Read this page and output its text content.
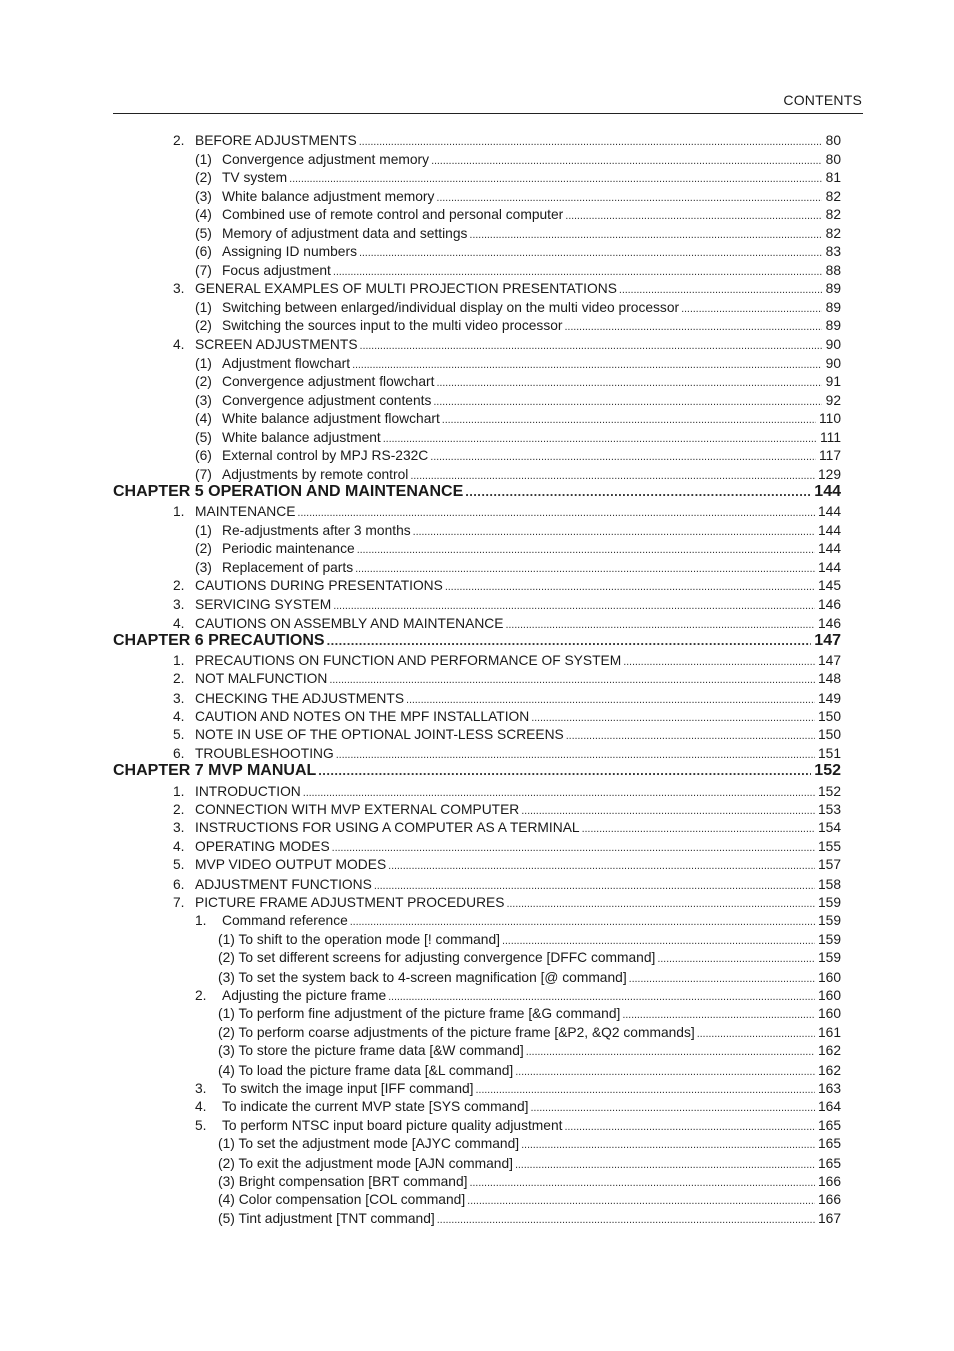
CONTENTS
2. BEFORE ADJUSTMENTS . . .	80
(1) Convergence adjustment memory . . .	80
(2) TV system . . .	81
(3) White balance adjustment memory . . .	82
(4) Combined use of remote control and personal computer . . .	82
(5) Memory of adjustment data and settings . . .	82
(6) Assigning ID numbers . . .	83
(7) Focus adjustment . . .	88
3. GENERAL EXAMPLES OF MULTI PROJECTION PRESENTATIONS . . .	89
(1) Switching between enlarged/individual display on the multi video processor . . .	89
(2) Switching the sources input to the multi video processor . . .	89
4. SCREEN ADJUSTMENTS . . .	90
(1) Adjustment flowchart . . .	90
(2) Convergence adjustment flowchart . . .	91
(3) Convergence adjustment contents . . .	92
(4) White balance adjustment flowchart . . .	110
(5) White balance adjustment . . .	111
(6) External control by MPJ RS-232C . . .	117
(7) Adjustments by remote control . . .	129
CHAPTER 5 OPERATION AND MAINTENANCE . . .	144
1. MAINTENANCE . . .	144
(1) Re-adjustments after 3 months . . .	144
(2) Periodic maintenance . . .	144
(3) Replacement of parts . . .	144
2. CAUTIONS DURING PRESENTATIONS . . .	145
3. SERVICING SYSTEM . . .	146
4. CAUTIONS ON ASSEMBLY AND MAINTENANCE . . .	146
CHAPTER 6 PRECAUTIONS . . .	147
1. PRECAUTIONS ON FUNCTION AND PERFORMANCE OF SYSTEM . . .	147
2. NOT MALFUNCTION . . .	148
3. CHECKING THE ADJUSTMENTS . . .	149
4. CAUTION AND NOTES ON THE MPF INSTALLATION . . .	150
5. NOTE IN USE OF THE OPTIONAL JOINT-LESS SCREENS . . .	150
6. TROUBLESHOOTING . . .	151
CHAPTER 7 MVP MANUAL . . .	152
1. INTRODUCTION . . .	152
2. CONNECTION WITH MVP EXTERNAL COMPUTER . . .	153
3. INSTRUCTIONS FOR USING A COMPUTER AS A TERMINAL . . .	154
4. OPERATING MODES . . .	155
5. MVP VIDEO OUTPUT MODES . . .	157
6. ADJUSTMENT FUNCTIONS . . .	158
7. PICTURE FRAME ADJUSTMENT PROCEDURES . . .	159
1.	Command reference . . .	159
(1) To shift to the operation mode [! command] . . .	159
(2) To set different screens for adjusting convergence [DFFC command] . . .	159
(3) To set the system back to 4-screen magnification [@ command] . . .	160
2.	Adjusting the picture frame . . .	160
(1) To perform fine adjustment of the picture frame [&G command] . . .	160
(2) To perform coarse adjustments of the picture frame [&P2, &Q2 commands] . . .	161
(3) To store the picture frame data [&W command] . . .	162
(4) To load the picture frame data [&L command] . . .	162
3.	To switch the image input [IFF command] . . .	163
4.	To indicate the current MVP state [SYS command] . . .	164
5.	To perform NTSC input board picture quality adjustment . . .	165
(1) To set the adjustment mode [AJYC command] . . .	165
(2) To exit the adjustment mode [AJN command] . . .	165
(3) Bright compensation [BRT command] . . .	166
(4) Color compensation [COL command] . . .	166
(5) Tint adjustment [TNT command] . . .	167
